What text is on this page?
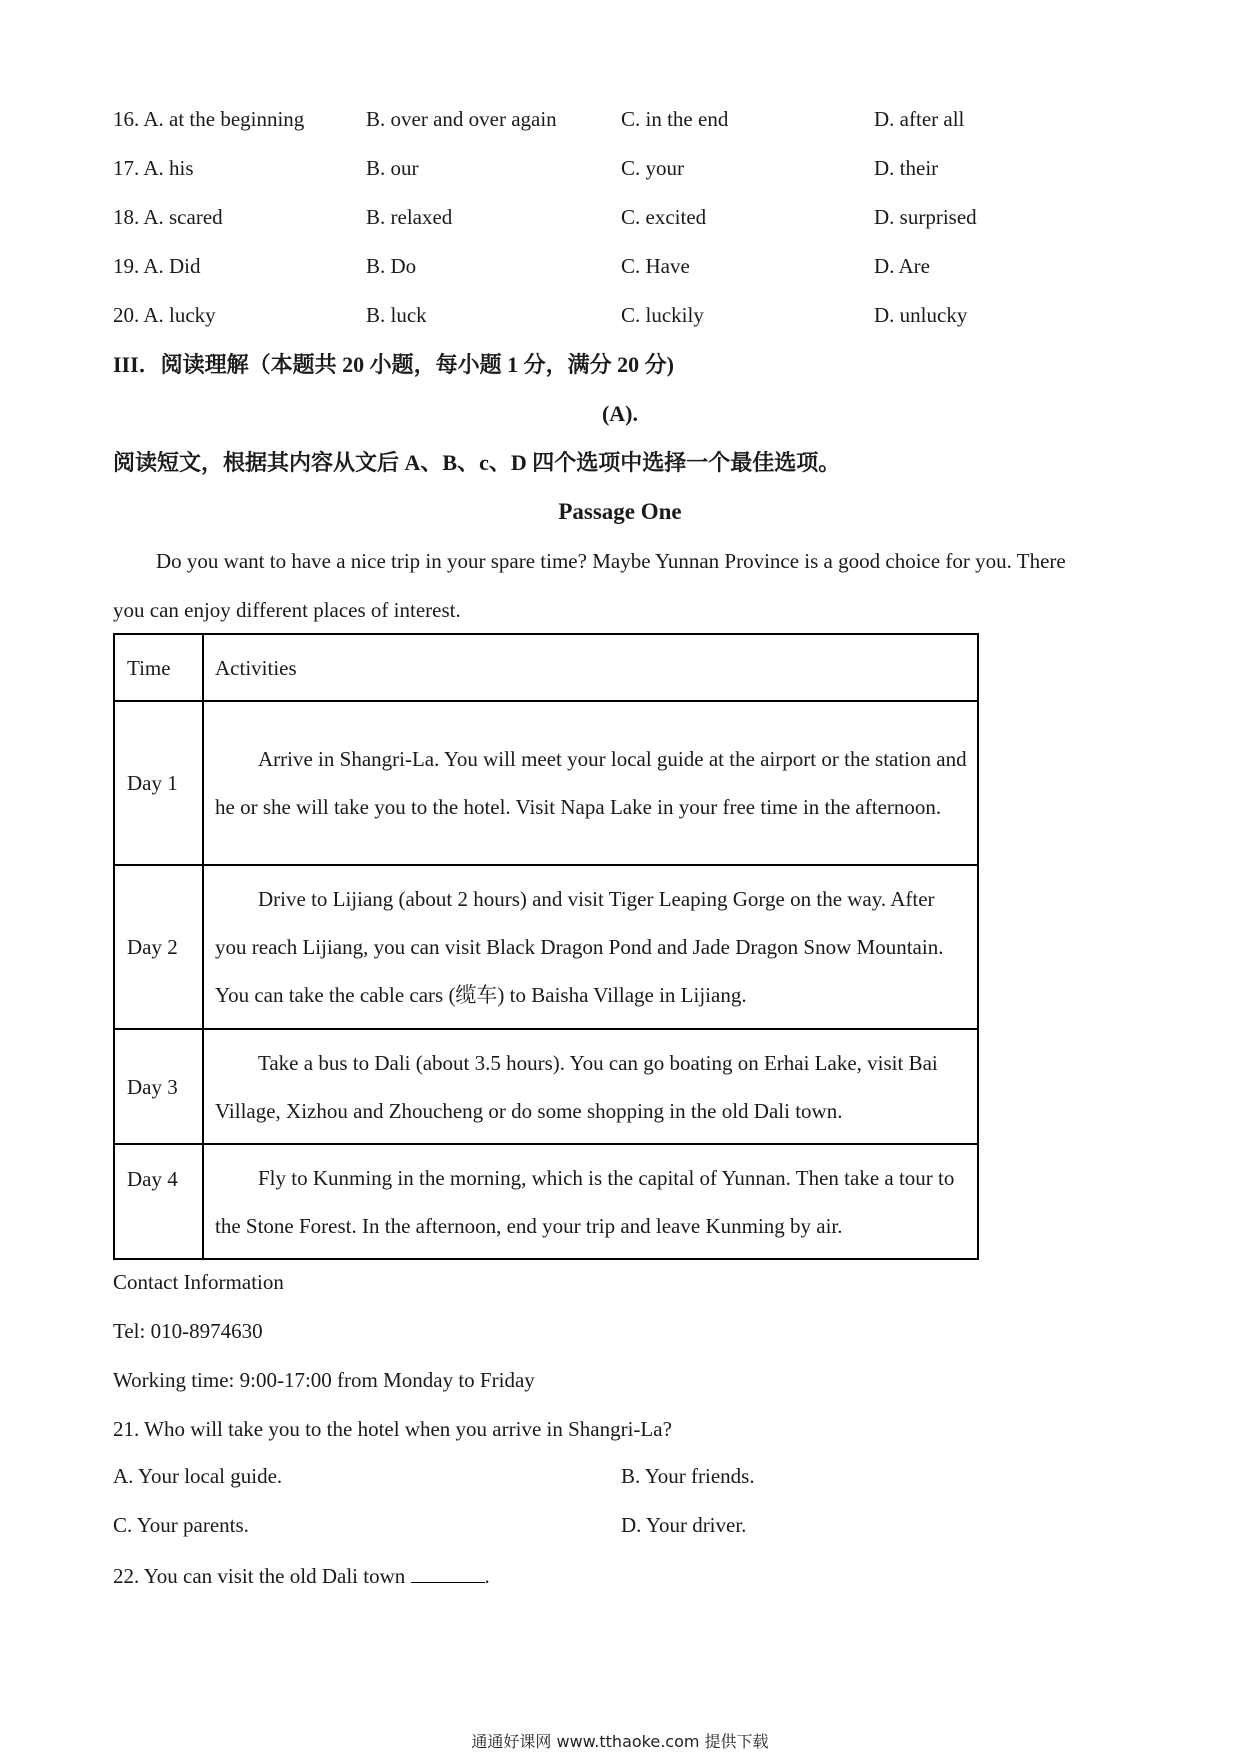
16. A. at the beginning	B. over and over again	C. in the end	D. after all
17. A. his	B. our	C. your	D. their
18. A. scared	B. relaxed	C. excited	D. surprised
19. A. Did	B. Do	C. Have	D. Are
20. A. lucky	B. luck	C. luckily	D. unlucky
III．阅读理解（本题共 20 小题，每小题 1 分，满分 20 分)
(A).
阅读短文，根据其内容从文后 A、B、c、D 四个选项中选择一个最佳选项。
Passage One
Do you want to have a nice trip in your spare time? Maybe Yunnan Province is a good choice for you. There
you can enjoy different places of interest.
Time	Activities
Day 1	Arrive in Shangri-La. You will meet your local guide at the airport or the station and he or she will take you to the hotel. Visit Napa Lake in your free time in the afternoon.
Day 2	Drive to Lijiang (about 2 hours) and visit Tiger Leaping Gorge on the way. After you reach Lijiang, you can visit Black Dragon Pond and Jade Dragon Snow Mountain. You can take the cable cars (缆车) to Baisha Village in Lijiang.
Day 3	Take a bus to Dali (about 3.5 hours). You can go boating on Erhai Lake, visit Bai Village, Xizhou and Zhoucheng or do some shopping in the old Dali town.
Day 4	Fly to Kunming in the morning, which is the capital of Yunnan. Then take a tour to the Stone Forest. In the afternoon, end your trip and leave Kunming by air.
Contact Information
Tel: 010-8974630
Working time: 9:00-17:00 from Monday to Friday
21. Who will take you to the hotel when you arrive in Shangri-La?
A. Your local guide.	B. Your friends.
C. Your parents.	D. Your driver.
22. You can visit the old Dali town	.
通通好课网 www.tthaoke.com 提供下载
